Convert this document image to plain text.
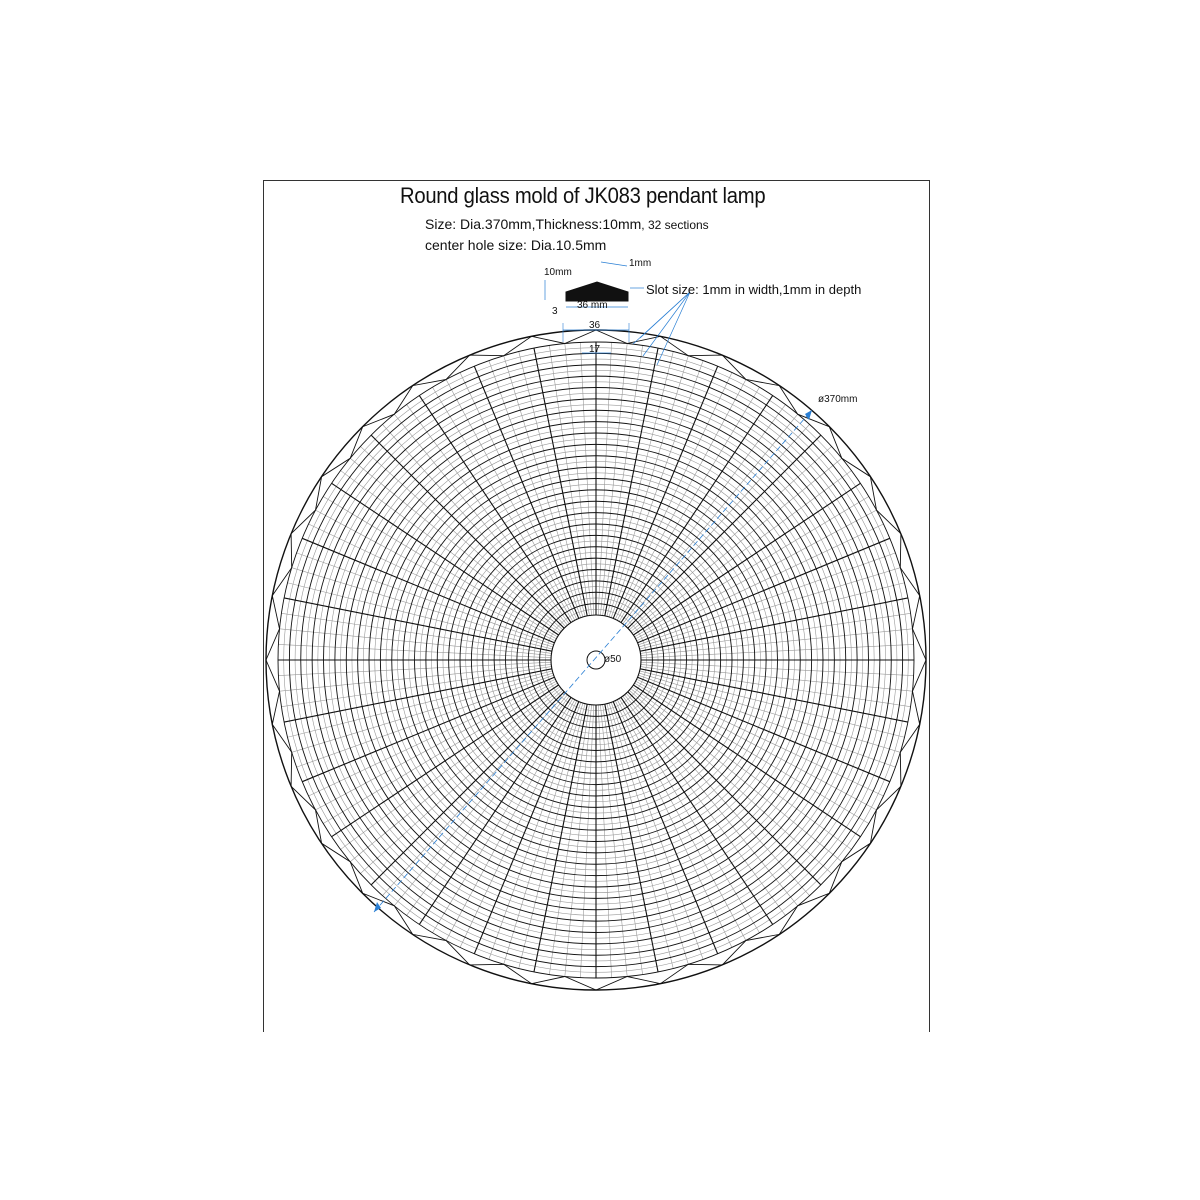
Round glass mold of JK083 pendant lamp
Size: Dia.370mm,Thickness:10mm, 32 sections
center hole size: Dia.10.5mm
Slot size: 1mm in width,1mm in depth
1mm
10mm
3
36 mm
36
17
ø370mm
ø50
